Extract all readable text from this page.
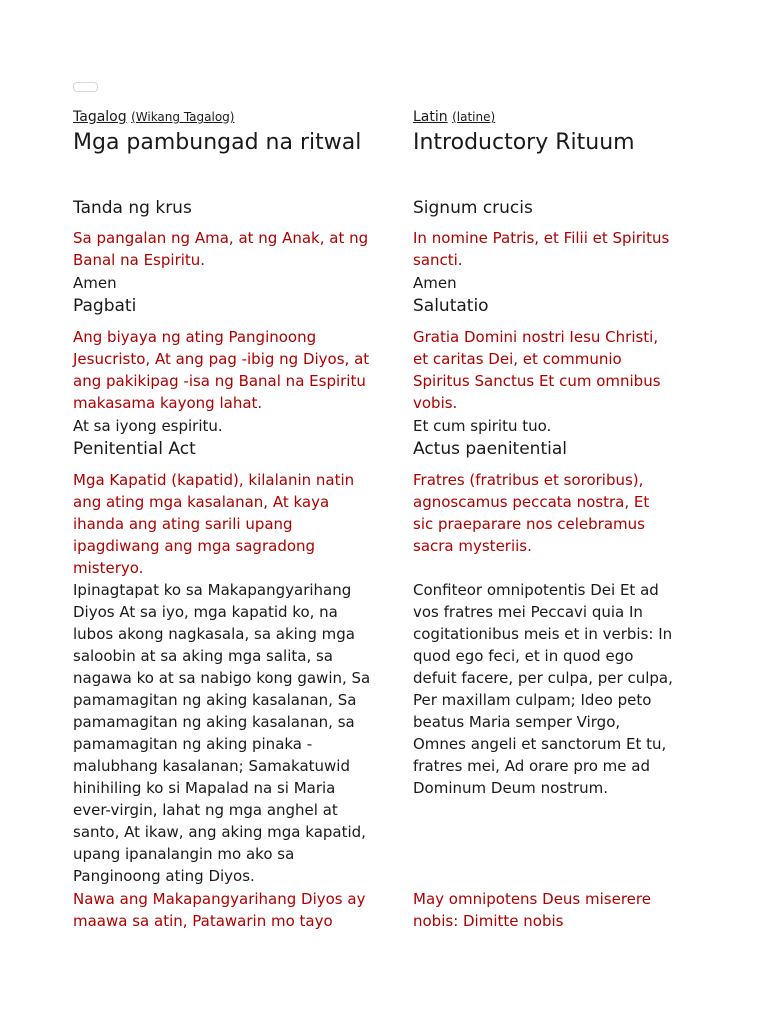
Tagalog (Wikang Tagalog)
Mga pambungad na ritwal
Tanda ng krus
Sa pangalan ng Ama, at ng Anak, at ng Banal na Espiritu.
Amen
Pagbati
Ang biyaya ng ating Panginoong Jesucristo, At ang pag -ibig ng Diyos, at ang pakikipag -isa ng Banal na Espiritu makasama kayong lahat.
At sa iyong espiritu.
Penitential Act
Mga Kapatid (kapatid), kilalanin natin ang ating mga kasalanan, At kaya ihanda ang ating sarili upang ipagdiwang ang mga sagradong misteryo.
Ipinagtapat ko sa Makapangyarihang Diyos At sa iyo, mga kapatid ko, na lubos akong nagkasala, sa aking mga saloobin at sa aking mga salita, sa nagawa ko at sa nabigo kong gawin, Sa pamamagitan ng aking kasalanan, Sa pamamagitan ng aking kasalanan, sa pamamagitan ng aking pinaka - malubhang kasalanan; Samakatuwid hinihiling ko si Mapalad na si Maria ever-virgin, lahat ng mga anghel at santo, At ikaw, ang aking mga kapatid, upang ipanalangin mo ako sa Panginoong ating Diyos.
Nawa ang Makapangyarihang Diyos ay maawa sa atin, Patawarin mo tayo
Latin (latine)
Introductory Rituum
Signum crucis
In nomine Patris, et Filii et Spiritus sancti.
Amen
Salutatio
Gratia Domini nostri Iesu Christi, et caritas Dei, et communio Spiritus Sanctus Et cum omnibus vobis.
Et cum spiritu tuo.
Actus paenitential
Fratres (fratribus et sororibus), agnoscamus peccata nostra, Et sic praeparare nos celebramus sacra mysteriis.
Confiteor omnipotentis Dei Et ad vos fratres mei Peccavi quia In cogitationibus meis et in verbis: In quod ego feci, et in quod ego defuit facere, per culpa, per culpa, Per maxillam culpam; Ideo peto beatus Maria semper Virgo, Omnes angeli et sanctorum Et tu, fratres mei, Ad orare pro me ad Dominum Deum nostrum.
May omnipotens Deus miserere nobis: Dimitte nobis
